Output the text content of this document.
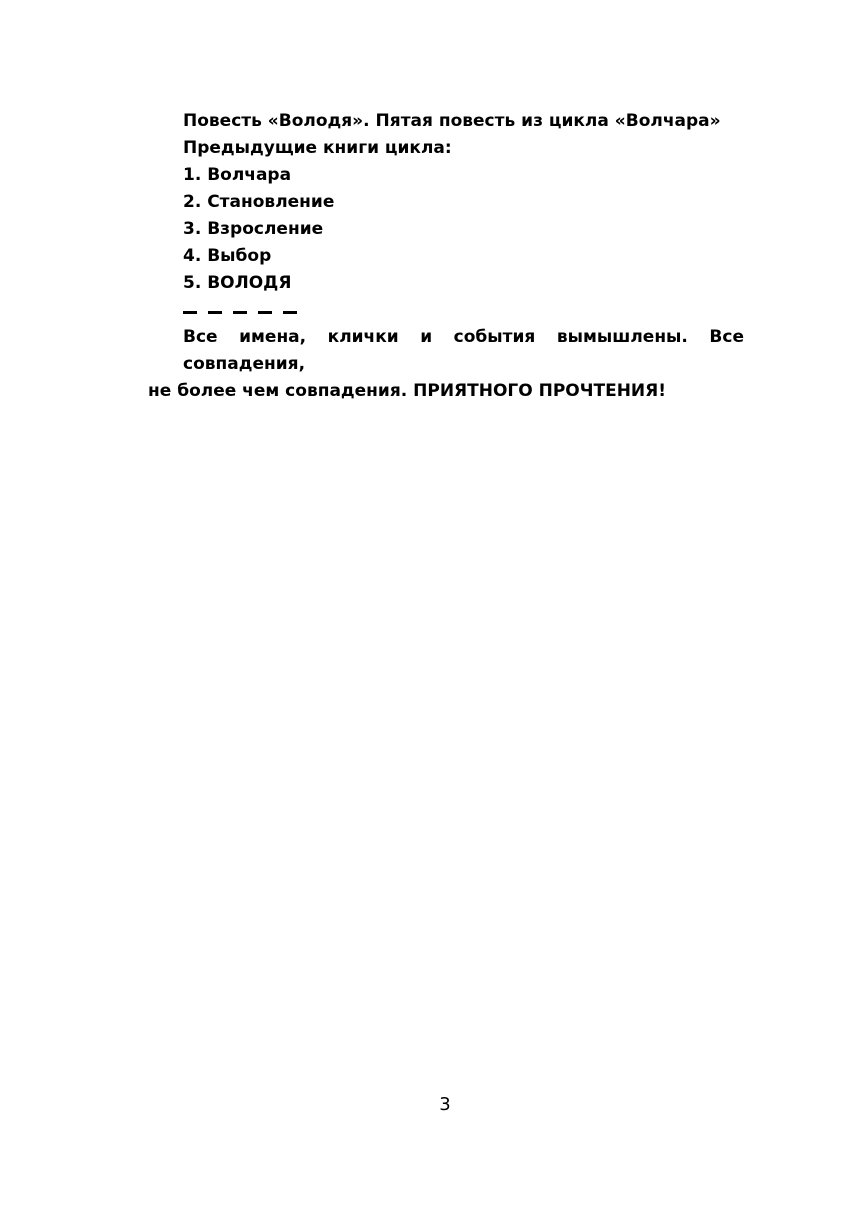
Повесть «Володя». Пятая повесть из цикла «Волчара»
Предыдущие книги цикла:
1. Волчара
2. Становление
3. Взросление
4. Выбор
5. ВОЛОДЯ
Все имена, клички и события вымышлены. Все совпадения,
не более чем совпадения. ПРИЯТНОГО ПРОЧТЕНИЯ!
3
